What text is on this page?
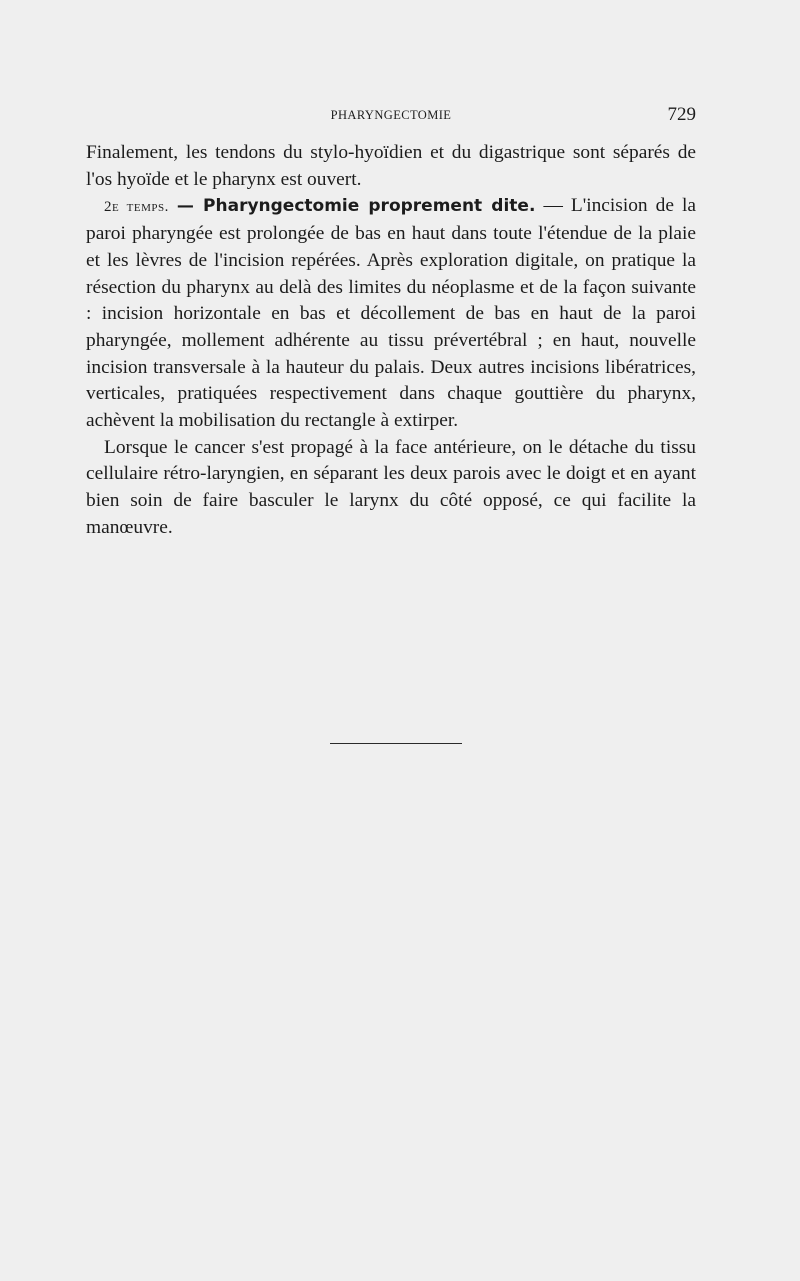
PHARYNGECTOMIE	729

Finalement, les tendons du stylo-hyoïdien et du digastrique sont séparés de l'os hyoïde et le pharynx est ouvert.

2e temps. — Pharyngectomie proprement dite. — L'incision de la paroi pharyngée est prolongée de bas en haut dans toute l'étendue de la plaie et les lèvres de l'incision repérées. Après exploration digitale, on pratique la résection du pharynx au delà des limites du néoplasme et de la façon suivante : incision horizontale en bas et décollement de bas en haut de la paroi pharyngée, mollement adhérente au tissu prévertébral ; en haut, nouvelle incision transversale à la hauteur du palais. Deux autres incisions libératrices, verticales, pratiquées respectivement dans chaque gouttière du pharynx, achèvent la mobilisation du rectangle à extirper.

Lorsque le cancer s'est propagé à la face antérieure, on le détache du tissu cellulaire rétro-laryngien, en séparant les deux parois avec le doigt et en ayant bien soin de faire basculer le larynx du côté opposé, ce qui facilite la manœuvre.
